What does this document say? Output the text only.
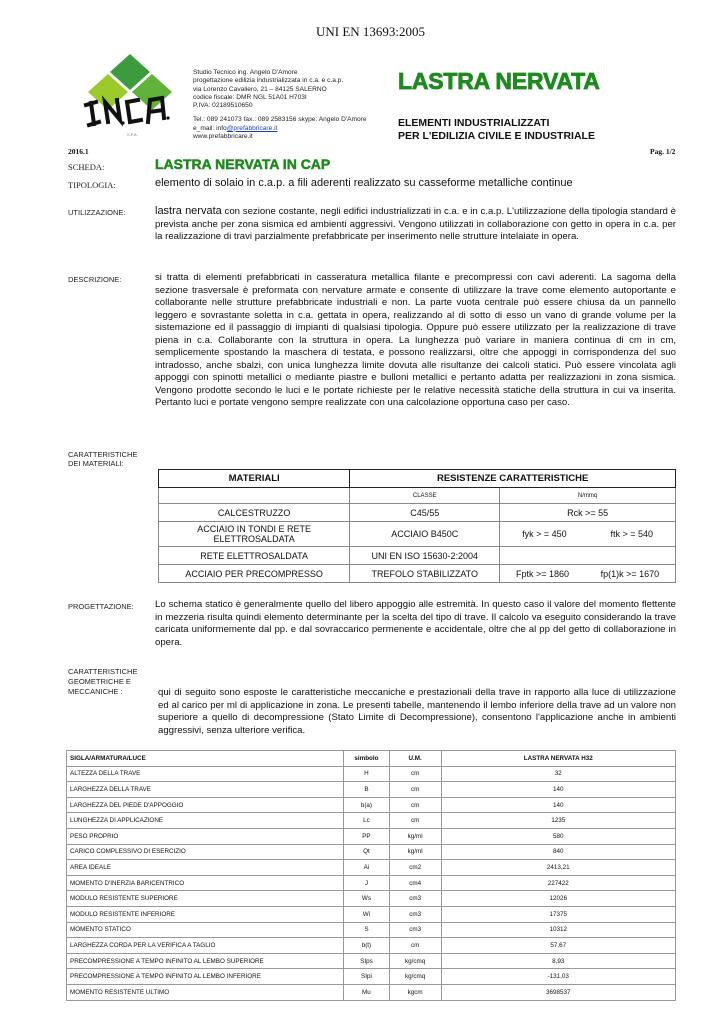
UNI EN 13693:2005
S.P.A.
Studio Tecnico ing. Angelo D'Amore
progettazione edilizia industrializzata in c.a. e c.a.p.
via Lorenzo Cavaliero, 21 – 84125 SALERNO
codice fiscale: DMR NGL 51A01 H703I
P.IVA: 02189510650
Tel.: 089 241073 fax.: 089 2583156 skype: Angelo D'Amore
e_mail: info@prefabbricare.it
www.prefabbricare.it
LASTRA NERVATA
ELEMENTI INDUSTRIALIZZATI
PER L'EDILIZIA CIVILE E INDUSTRIALE
2016.1	Pag. 1/2
SCHEDA:	LASTRA NERVATA IN CAP
TIPOLOGIA:	elemento di solaio in c.a.p. a fili aderenti realizzato su casseforme metalliche continue
UTILIZZAZIONE:	lastra nervata con sezione costante, negli edifici industrializzati in c.a. e in c.a.p. L'utilizzazione della tipologia standard è prevista anche per zona sismica ed ambienti aggressivi. Vengono utilizzati in collaborazione con getto in opera in c.a. per la realizzazione di travi parzialmente prefabbricate per inserimento nelle strutture intelaiate in opera.
DESCRIZIONE:	si tratta di elementi prefabbricati in casseratura metallica filante e precompressi con cavi aderenti. La sagoma della sezione trasversale è preformata con nervature armate e consente di utilizzare la trave come elemento autoportante e collaborante nelle strutture prefabbricate industriali e non. La parte vuota centrale può essere chiusa da un pannello leggero e sovrastante soletta in c.a. gettata in opera, realizzando al di sotto di esso un vano di grande volume per la sistemazione ed il passaggio di impianti di qualsiasi tipologia. Oppure può essere utilizzato per la realizzazione di trave piena in c.a. Collaborante con la struttura in opera. La lunghezza può variare in maniera continua di cm in cm, semplicemente spostando la maschera di testata, e possono realizzarsi, oltre che appoggi in corrispondenza del suo intradosso, anche sbalzi, con unica lunghezza limite dovuta alle risultanze dei calcoli statici. Può essere vincolata agli appoggi con spinotti metallici o mediante piastre e bulloni metallici e pertanto adatta per realizzazioni in zona sismica. Vengono prodotte secondo le luci e le portate richieste per le relative necessità statiche della struttura in cui va inserita. Pertanto luci e portate vengono sempre realizzate con una calcolazione opportuna caso per caso.
CARATTERISTICHE
DEI MATERIALI:
MATERIALI	RESISTENZE CARATTERISTICHE	
	CLASSE	N/mmq
CALCESTRUZZO	C45/55	Rck >= 55

ACCIAIO IN TONDI E RETE ELETTROSALDATA	ACCIAIO B450C	fyk > = 450 ftk > = 540

RETE ELETTROSALDATA	UNI EN ISO 15630-2:2004	
ACCIAIO PER PRECOMPRESSO	TREFOLO STABILIZZATO	Fptk >= 1860 fp(1)k >= 1670
PROGETTAZIONE: Lo schema statico è generalmente quello del libero appoggio alle estremità. In questo caso il valore del momento flettente in mezzeria risulta quindi elemento determinante per la scelta del tipo di trave. Il calcolo va eseguito considerando la trave caricata uniformemente dal pp. e dal sovraccarico permenente e accidentale, oltre che al pp del getto di collaborazione in opera.
CARATTERISTICHE
GEOMETRICHE E
MECCANICHE :	qui di seguito sono esposte le caratteristiche meccaniche e prestazionali della trave in rapporto alla luce di utilizzazione ed al carico per ml di applicazione in zona. Le presenti tabelle, mantenendo il lembo inferiore della trave ad un valore non superiore a quello di decompressione (Stato Limite di Decompressione), consentono l'applicazione anche in ambienti aggressivi, senza ulteriore verifica.
SIGLA/ARMATURA/LUCE	simbolo	U.M.	LASTRA NERVATA H32
ALTEZZA DELLA TRAVE	H	cm	32
LARGHEZZA DELLA TRAVE	B	cm	140
LARGHEZZA DEL PIEDE D'APPOGGIO	b(a)	cm	140
LUNGHEZZA DI APPLICAZIONE	Lc	cm	1235
PESO PROPRIO	PP	kg/ml	580
CARICO COMPLESSIVO DI ESERCIZIO	Qt	kg/ml	840
AREA IDEALE	Ai	cm2	2413,21
MOMENTO D'INERZIA BARICENTRICO	J	cm4	227422
MODULO RESISTENTE SUPERIORE	Ws	cm3	12026
MODULO RESISTENTE INFERIORE	Wi	cm3	17375
MOMENTO STATICO	S	cm3	10312
LARGHEZZA CORDA PER LA VERIFICA A TAGLIO	b(t)	cm	57,67
PRECOMPRESSIONE A TEMPO INFINITO AL LEMBO SUPERIORE	SIps	kg/cmq	8,93
PRECOMPRESSIONE A TEMPO INFINITO AL LEMBO INFERIORE	SIpi	kg/cmq	-131,03
MOMENTO RESISTENTE ULTIMO	Mu	kgcm	3698537
